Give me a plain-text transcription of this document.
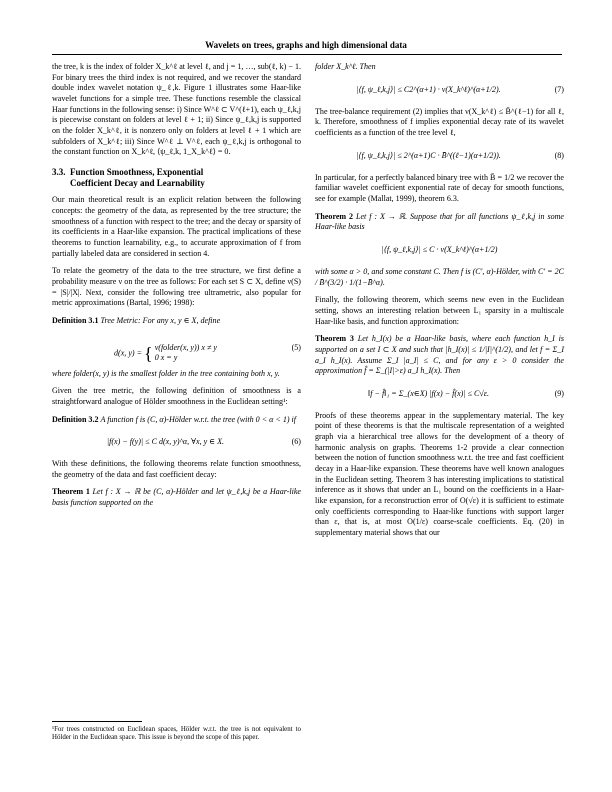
Wavelets on trees, graphs and high dimensional data
the tree, k is the index of folder X_k^ℓ at level ℓ, and j = 1, …, sub(ℓ, k) − 1. For binary trees the third index is not required, and we recover the standard double index wavelet notation ψ_ℓ,k. Figure 1 illustrates some Haar-like wavelet functions for a simple tree. These functions resemble the classical Haar functions in the following sense: i) Since W^ℓ ⊂ V^(ℓ+1), each ψ_ℓ,k,j is piecewise constant on folders at level ℓ + 1; ii) Since ψ_ℓ,k,j is supported on the folder X_k^ℓ, it is nonzero only on folders at level ℓ + 1 which are subfolders of X_k^ℓ; iii) Since W^ℓ ⊥ V^ℓ, each ψ_ℓ,k,j is orthogonal to the constant function on X_k^ℓ, ⟨ψ_ℓ,k, 1_X_k^ℓ⟩ = 0.
3.3. Function Smoothness, Exponential
Coefficient Decay and Learnability
Our main theoretical result is an explicit relation between the following concepts: the geometry of the data, as represented by the tree structure; the smoothness of a function with respect to the tree; and the decay or sparsity of its coefficients in a Haar-like expansion. The practical implications of these theorems to function learnability, e.g., to accurate approximation of f from partially labeled data are considered in section 4.
To relate the geometry of the data to the tree structure, we first define a probability measure ν on the tree as follows: For each set S ⊂ X, define ν(S) = |S|/|X|. Next, consider the following tree ultrametric, also popular for metric approximations (Bartal, 1996; 1998):
Definition 3.1 Tree Metric: For any x, y ∈ X, define
d(x, y) = { ν(folder(x, y)) x ≠ y
0 x = y
(5)
where folder(x, y) is the smallest folder in the tree containing both x, y.
Given the tree metric, the following definition of smoothness is a straightforward analogue of Hölder smoothness in the Euclidean setting¹:
Definition 3.2 A function f is (C, α)-Hölder w.r.t. the tree (with 0 < α < 1) if
|f(x) − f(y)| ≤ C d(x, y)^α, ∀x, y ∈ X.	(6)
With these definitions, the following theorems relate function smoothness, the geometry of the data and fast coefficient decay:
Theorem 1 Let f : X → ℝ be (C, α)-Hölder and let ψ_ℓ,k,j be a Haar-like basis function supported on the
¹For trees constructed on Euclidean spaces, Hölder w.r.t. the tree is not equivalent to Hölder in the Euclidean space. This issue is beyond the scope of this paper.
folder X_k^ℓ. Then
|⟨f, ψ_ℓ,k,j⟩| ≤ C2^(α+1) · ν(X_k^ℓ)^(α+1/2).	(7)
The tree-balance requirement (2) implies that ν(X_k^ℓ) ≤ B̄^(ℓ−1) for all ℓ, k. Therefore, smoothness of f implies exponential decay rate of its wavelet coefficients as a function of the tree level ℓ,
|⟨f, ψ_ℓ,k,j⟩| ≤ 2^(α+1)C · B̄^((ℓ−1)(α+1/2)).	(8)
In particular, for a perfectly balanced binary tree with B̄ = 1/2 we recover the familiar wavelet coefficient exponential rate of decay for smooth functions, see for example (Mallat, 1999), theorem 6.3.
Theorem 2 Let f : X → ℝ. Suppose that for all functions ψ_ℓ,k,j in some Haar-like basis
|⟨f, ψ_ℓ,k,j⟩| ≤ C · ν(X_k^ℓ)^(α+1/2)
with some α > 0, and some constant C. Then f is (C′, α)-Hölder, with C′ = 2C / B̄^(3/2) · 1/(1−B̄^α).
Finally, the following theorem, which seems new even in the Euclidean setting, shows an interesting relation between L₁ sparsity in a multiscale Haar-like basis, and function approximation:
Theorem 3 Let h_I(x) be a Haar-like basis, where each function h_I is supported on a set I ⊂ X and such that |h_I(x)| ≤ 1/|I|^(1/2), and let f = Σ_I a_I h_I(x). Assume Σ_I |a_I| ≤ C, and for any ε > 0 consider the approximation f̂ = Σ_(|I|>ε) a_I h_I(x). Then
‖f − f̂‖₁ = Σ_(x∈X) |f(x) − f̂(x)| ≤ C√ε.	(9)
Proofs of these theorems appear in the supplementary material. The key point of these theorems is that the multiscale representation of a weighted graph via a hierarchical tree allows for the development of a theory of harmonic analysis on graphs. Theorems 1-2 provide a clear connection between the notion of function smoothness w.r.t. the tree and fast coefficient decay in a Haar-like expansion. These theorems have well known analogues in the Euclidean setting. Theorem 3 has interesting implications to statistical inference as it shows that under an L₁ bound on the coefficients in a Haar-like expansion, for a reconstruction error of O(√ε) it is sufficient to estimate only coefficients corresponding to Haar-like functions with support larger than ε, that is, at most O(1/ε) coarse-scale coefficients. Eq. (20) in supplementary material shows that our
